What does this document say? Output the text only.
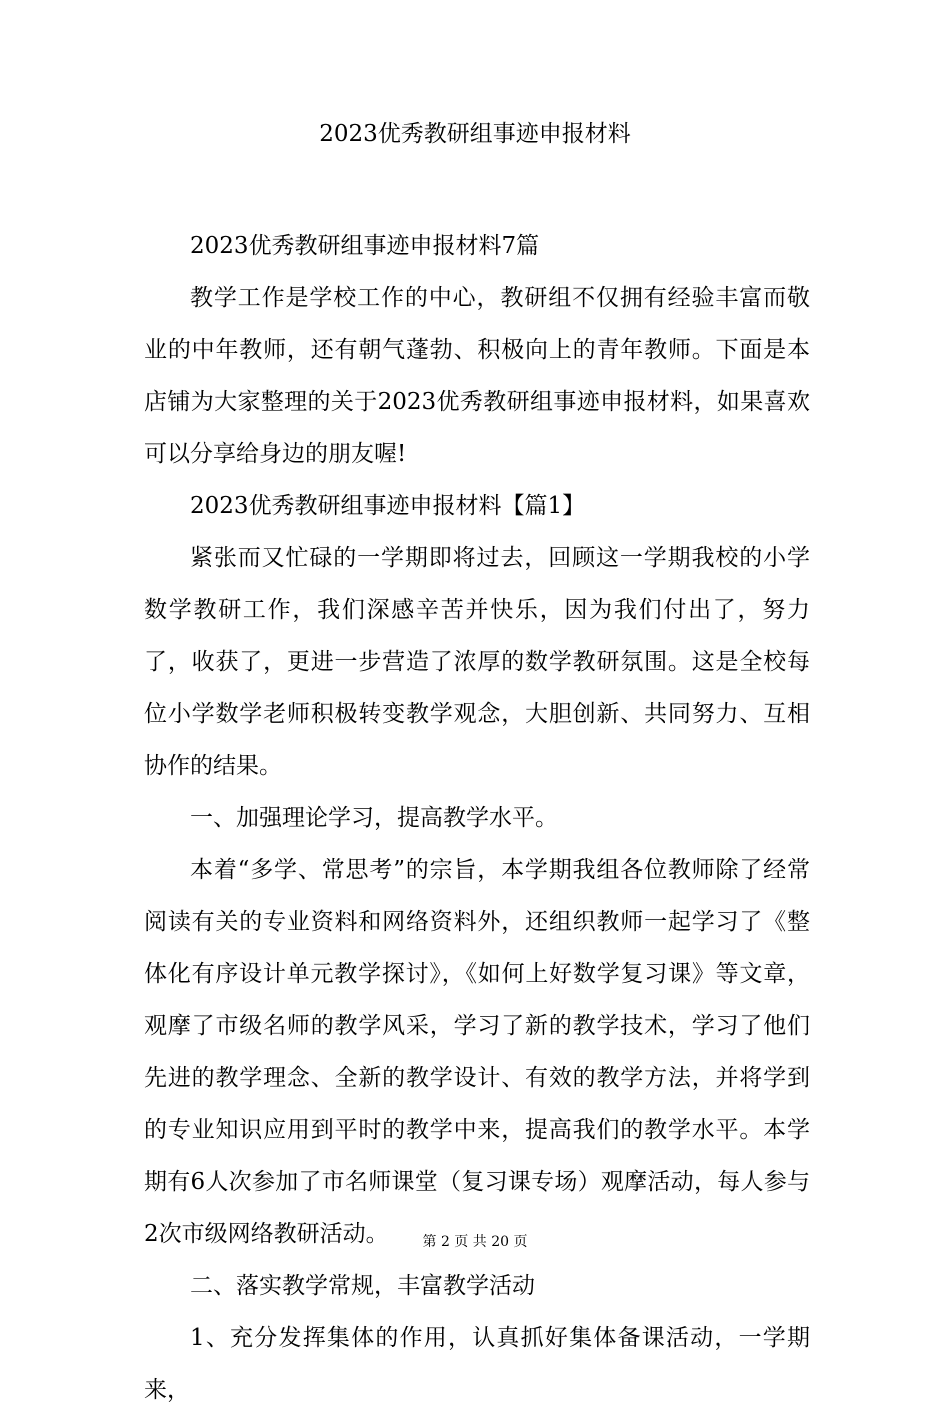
2023优秀教研组事迹申报材料

2023优秀教研组事迹申报材料7篇

教学工作是学校工作的中心，教研组不仅拥有经验丰富而敬业的中年教师，还有朝气蓬勃、积极向上的青年教师。下面是本店铺为大家整理的关于2023优秀教研组事迹申报材料，如果喜欢可以分享给身边的朋友喔!

2023优秀教研组事迹申报材料【篇1】

紧张而又忙碌的一学期即将过去，回顾这一学期我校的小学数学教研工作，我们深感辛苦并快乐，因为我们付出了，努力了，收获了，更进一步营造了浓厚的数学教研氛围。这是全校每位小学数学老师积极转变教学观念，大胆创新、共同努力、互相协作的结果。

一、加强理论学习，提高教学水平。

本着“多学、常思考”的宗旨，本学期我组各位教师除了经常阅读有关的专业资料和网络资料外，还组织教师一起学习了《整体化有序设计单元教学探讨》，《如何上好数学复习课》等文章，观摩了市级名师的教学风采，学习了新的教学技术，学习了他们先进的教学理念、全新的教学设计、有效的教学方法，并将学到的专业知识应用到平时的教学中来，提高我们的教学水平。本学期有6人次参加了市名师课堂（复习课专场）观摩活动，每人参与2次市级网络教研活动。

二、落实教学常规，丰富教学活动

1、充分发挥集体的作用，认真抓好集体备课活动，一学期来，

第 2 页 共 20 页
